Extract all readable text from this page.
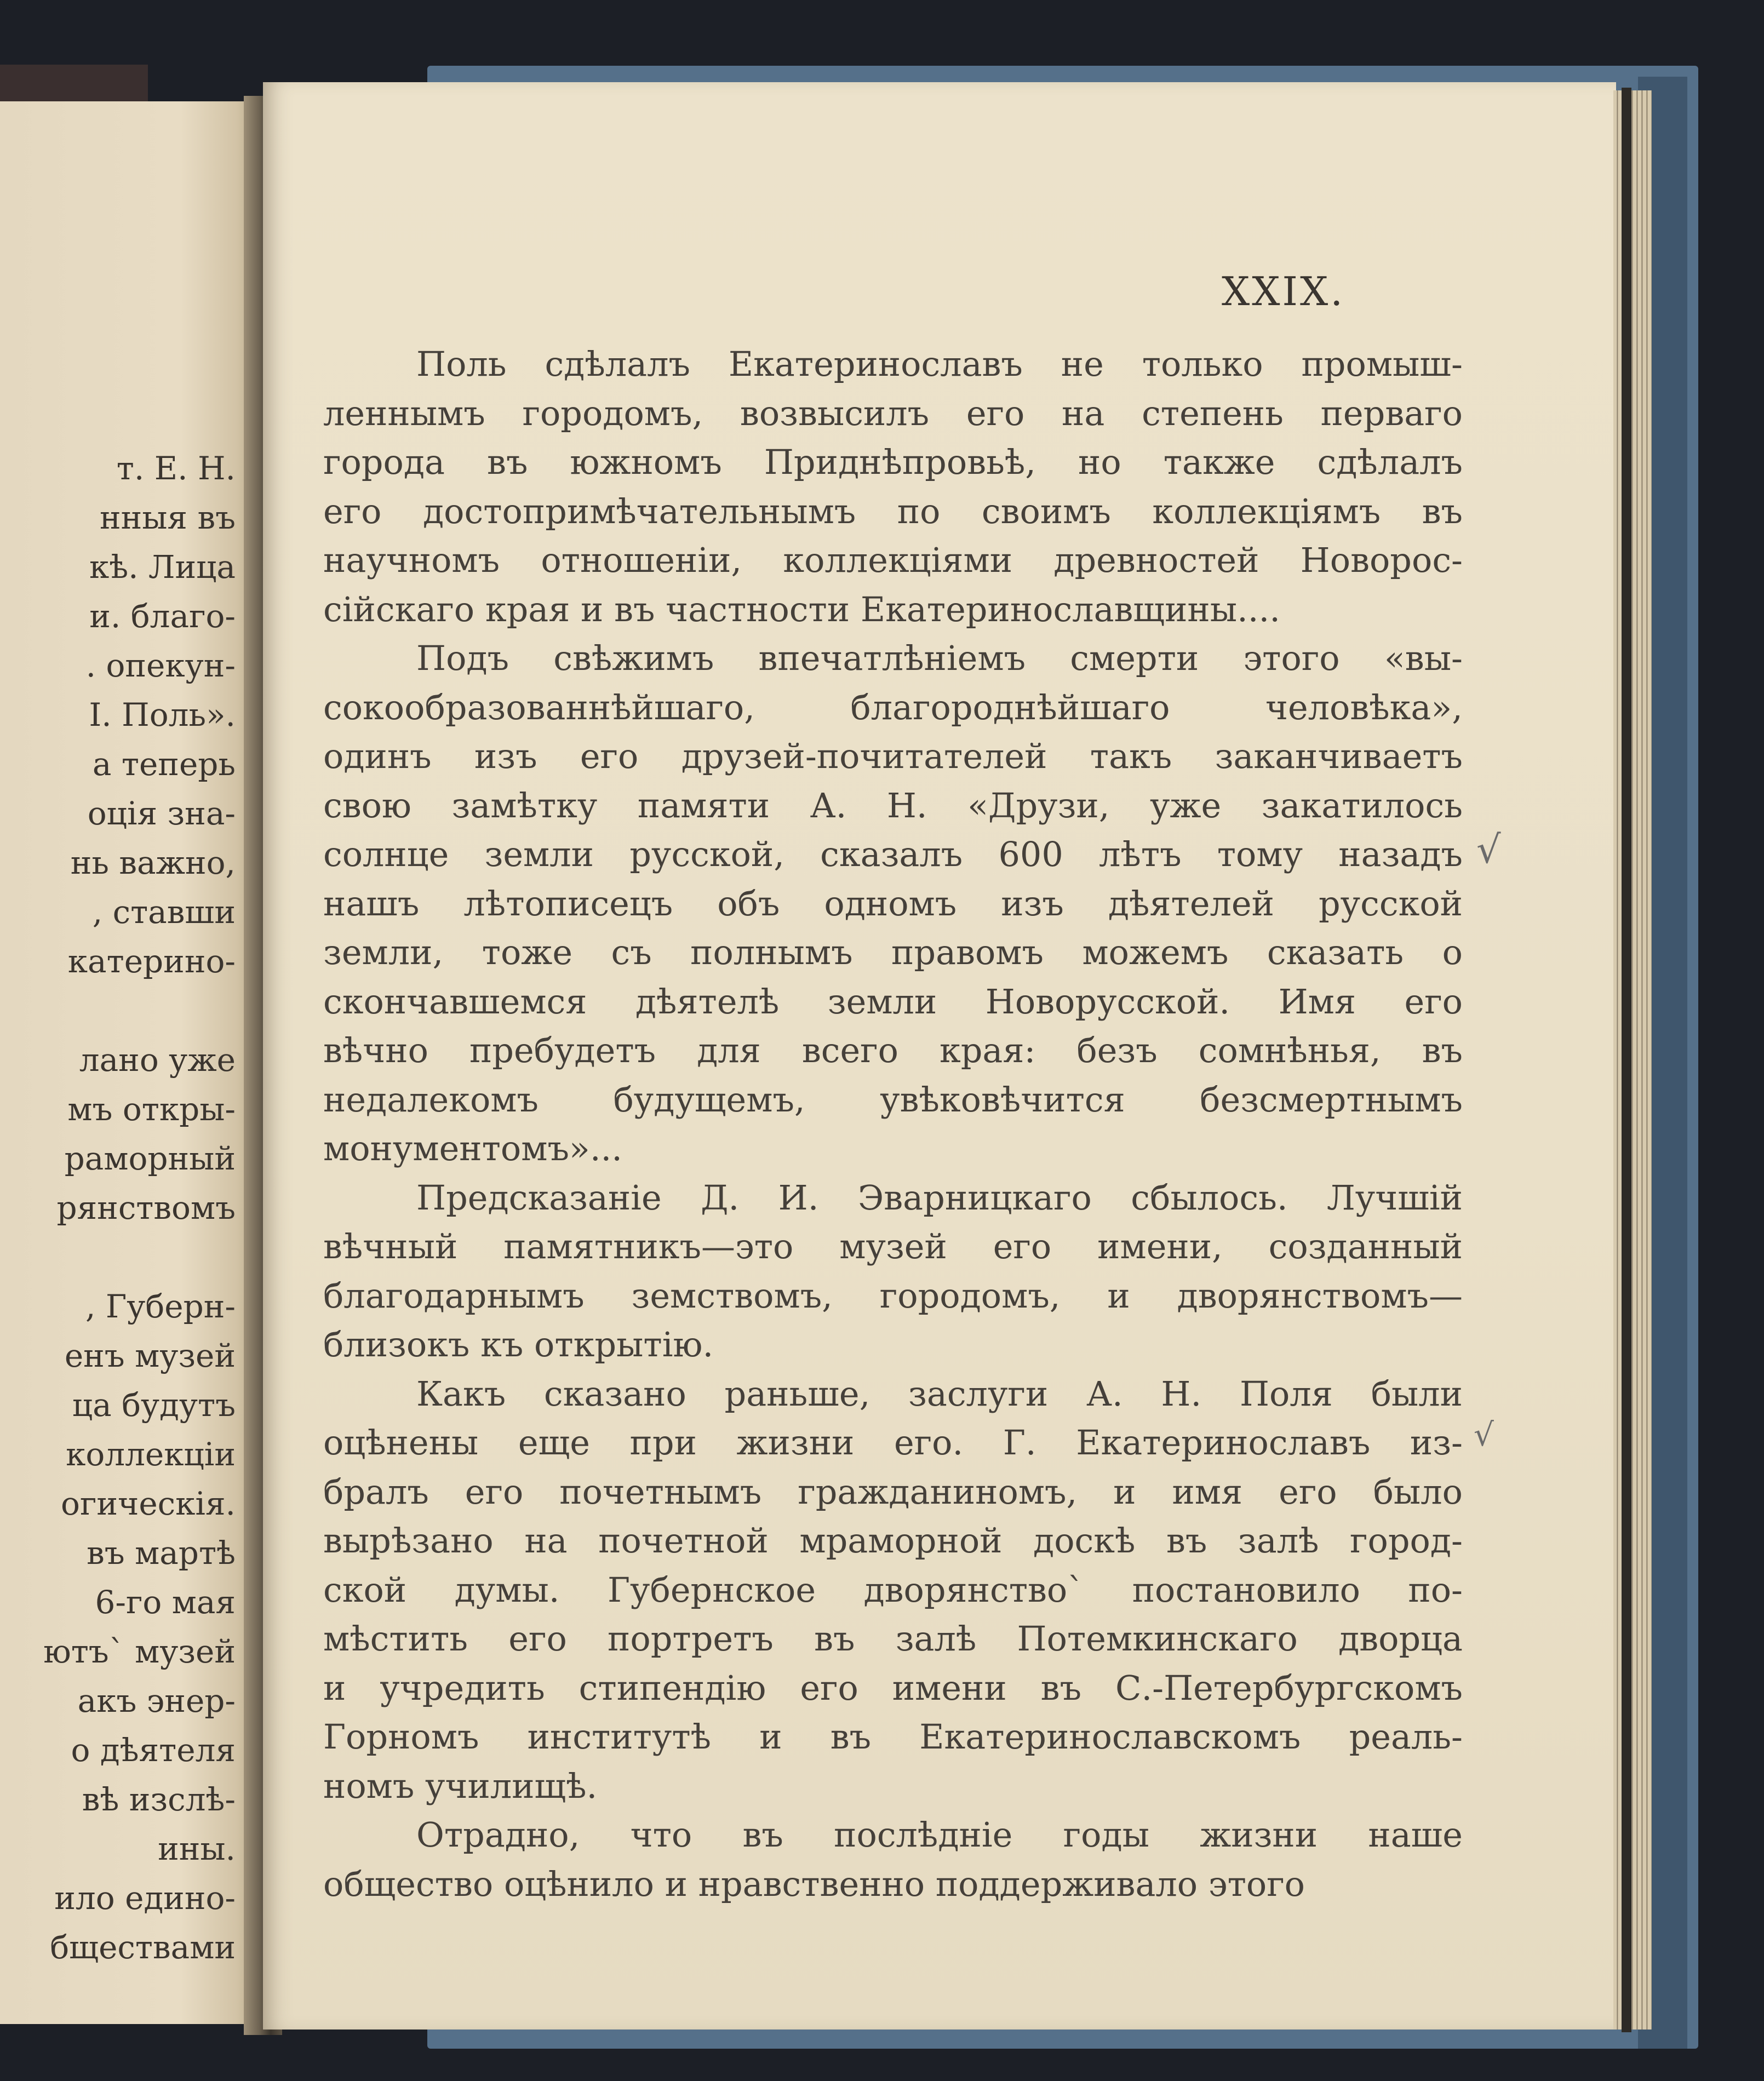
т. Е. Н.
нныя въ
кѣ. Лица
и. благо-
. опекун-
I. Поль».
а теперь
оція зна-
нь важно,
, ставши
катерино-
лано уже
мъ откры-
раморный
рянствомъ
, Губерн-
енъ музей
ца будутъ
коллекціи
огическія.
въ мартѣ
6-го мая
ютъ` музей
акъ энер-
о дѣятеля
вѣ изслѣ-
ины.
ило едино-
бществами
XXIX.
Поль сдѣлалъ Екатеринославъ не только промыш-
леннымъ городомъ, возвысилъ его на степень перваго
города въ южномъ Приднѣпровьѣ, но также сдѣлалъ
его достопримѣчательнымъ по своимъ коллекціямъ въ
научномъ отношеніи, коллекціями древностей Новорос-
сійскаго края и въ частности Екатеринославщины....
Подъ свѣжимъ впечатлѣніемъ смерти этого «вы-
сокообразованнѣйшаго, благороднѣйшаго человѣка»,
одинъ изъ его друзей-почитателей такъ заканчиваетъ
свою замѣтку памяти А. Н. «Друзи, уже закатилось
солнце земли русской, сказалъ 600 лѣтъ тому назадъ
нашъ лѣтописецъ объ одномъ изъ дѣятелей русской
земли, тоже съ полнымъ правомъ можемъ сказать о
скончавшемся дѣятелѣ земли Новорусской. Имя его
вѣчно пребудетъ для всего края: безъ сомнѣнья, въ
недалекомъ будущемъ, увѣковѣчится безсмертнымъ
монументомъ»...
Предсказаніе Д. И. Эварницкаго сбылось. Лучшій
вѣчный памятникъ—это музей его имени, созданный
благодарнымъ земствомъ, городомъ, и дворянствомъ—
близокъ къ открытію.
Какъ сказано раньше, заслуги А. Н. Поля были
оцѣнены еще при жизни его. Г. Екатеринославъ из-
бралъ его почетнымъ гражданиномъ, и имя его было
вырѣзано на почетной мраморной доскѣ въ залѣ город-
ской думы. Губернское дворянство` постановило по-
мѣстить его портретъ въ залѣ Потемкинскаго дворца
и учредить стипендію его имени въ С.-Петербургскомъ
Горномъ институтѣ и въ Екатеринославскомъ реаль-
номъ училищѣ.
Отрадно, что въ послѣдніе годы жизни наше
общество оцѣнило и нравственно поддерживало этого
√
√
